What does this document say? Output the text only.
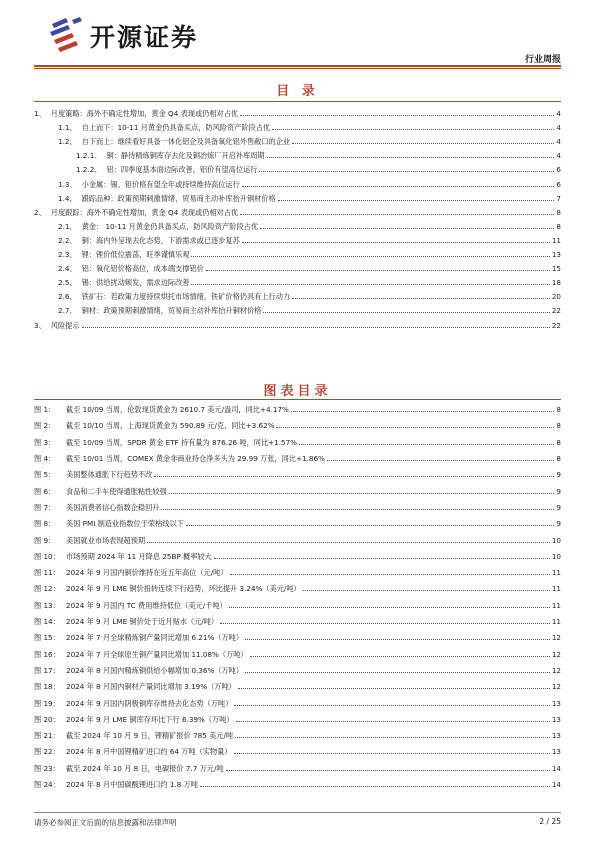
开源证券
行业周报
目 录
1、 月度策略：海外不确定性增加，黄金 Q4 表现或仍相对占优	4
1.1、 自上而下：10-11 月黄金仍具备买点，防风险资产阶段占优	4
1.2、 自下而上：继续看好具备一体化铝企及具备氧化铝外售敞口的企业	4
1.2.1、 铜：静待精炼铜库存去化及铜冶炼厂开启补库周期	4
1.2.2、 铝：四季度基本面边际改善，铝价有望高位运行	6
1.3、 小金属：锡、钼价格有望全年或持续维持高位运行	6
1.4、 跟踪品种：政策预期刺激情绪，贸易商主动补库抬升铜材价格	7
2、 月度跟踪：海外不确定性增加，黄金 Q4 表现或仍相对占优	8
2.1、 黄金： 10-11 月黄金仍具备买点，防风险资产阶段占优	8
2.2、 铜：海内外呈现去化态势，下游需求或已逐步复苏	11
2.3、 锂：锂价低位震荡，旺季谨慎乐观	13
2.4、 铝：氧化铝价格高位，成本端支撑铝价	15
2.5、 锡：供给扰动频发，需求边际改善	18
2.6、 铁矿石：若政策力度持续烘托市场情绪，铁矿价格仍具有上行动力	20
2.7、 铜材：政策预期刺激情绪，贸易商主动补库抬升铜材价格	22
3、 风险提示	22
图表目录
图 1：	截至 10/09 当周，伦敦现货黄金为 2610.7 美元/盎司，同比+4.17%	8
图 2：	截至 10/10 当周，上海现货黄金为 590.89 元/克，同比+3.62%	8
图 3：	截至 10/09 当周，SPDR 黄金 ETF 持有量为 876.26 吨，同比+1.57%	8
图 4：	截至 10/01 当周，COMEX 黄金非商业持仓净多头为 29.99 万张，同比+1.86%	8
图 5：	美国整体通胀下行趋势不改	9
图 6：	食品和二手车使得通胀粘性较强	9
图 7：	美国消费者信心指数企稳回升	9
图 8：	美国 PMI 制造业指数位于荣枯线以下	9
图 9：	美国就业市场表现超预期	10
图 10： 市场预期 2024 年 11 月降息 25BP 概率较大	10
图 11： 2024 年 9 月国内铜价维持在近五年高位（元/吨）	11
图 12： 2024 年 9 月 LME 铜价扭转连续下行趋势，环比提升 3.24%（美元/吨）	11
图 13： 2024 年 9 月国内 TC 费用维持低位（美元/千吨）	11
图 14： 2024 年 9 月 LME 铜价处于近月贴水（元/吨）	11
图 15： 2024 年 7 月全球精炼铜产量同比增加 6.21%（万吨）	12
图 16： 2024 年 7 月全球原生铜产量同比增加 11.08%（万吨）	12
图 17： 2024 年 8 月国内精炼铜供给小幅增加 0.36%（万吨）	12
图 18： 2024 年 8 月国内铜材产量同比增加 3.19%（万吨）	12
图 19： 2024 年 9 月国内阴极铜库存维持去化态势（万吨）	13
图 20： 2024 年 9 月 LME 铜库存环比下行 6.39%（万吨）	13
图 21： 截至 2024 年 10 月 9 日，锂精矿报价 785 美元/吨	13
图 22： 2024 年 8 月中国锂精矿进口约 64 万吨（实物量）	13
图 23： 截至 2024 年 10 月 8 日，电碳报价 7.7 万元/吨	14
图 24： 2024 年 8 月中国碳酸锂进口约 1.8 万吨	14
请务必参阅正文后面的信息披露和法律声明	2 / 25
